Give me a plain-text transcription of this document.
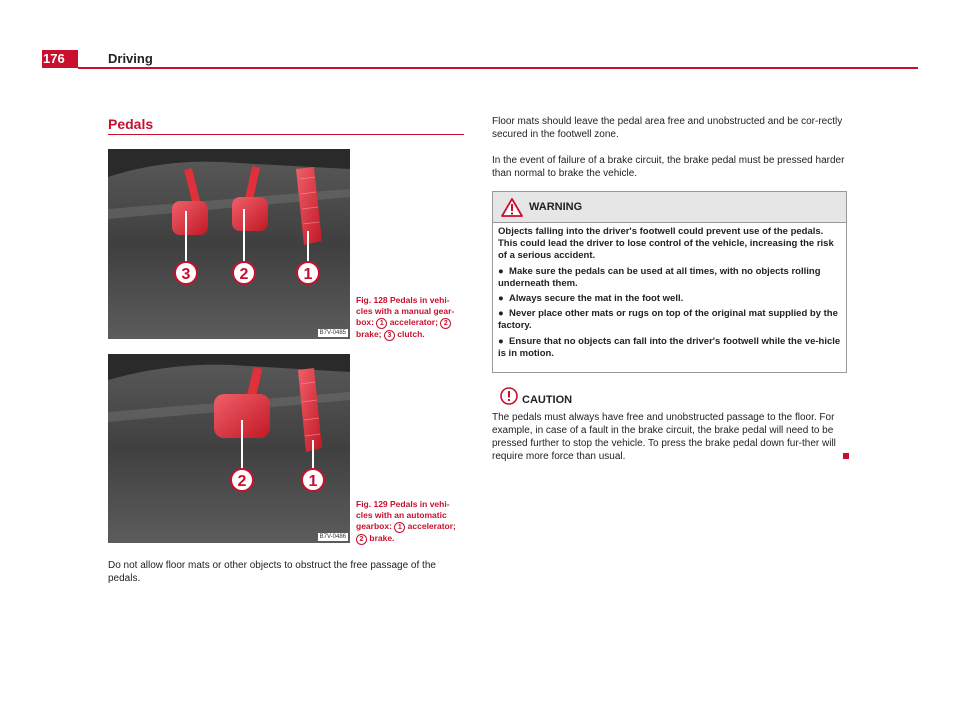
176	Driving
Pedals
3	2	1
B7V-0485
Fig. 128 Pedals in vehi-cles with a manual gear-box: 1 accelerator; 2 brake; 3 clutch.
2	1
B7V-0486
Fig. 129 Pedals in vehi-cles with an automatic gearbox: 1 accelerator; 2 brake.
Do not allow floor mats or other objects to obstruct the free passage of the pedals.
Floor mats should leave the pedal area free and unobstructed and be cor-rectly secured in the footwell zone.
In the event of failure of a brake circuit, the brake pedal must be pressed harder than normal to brake the vehicle.
WARNING

Objects falling into the driver's footwell could prevent use of the pedals. This could lead the driver to lose control of the vehicle, increasing the risk of a serious accident.

● Make sure the pedals can be used at all times, with no objects rolling underneath them.

● Always secure the mat in the foot well.

● Never place other mats or rugs on top of the original mat supplied by the factory.

● Ensure that no objects can fall into the driver's footwell while the ve-hicle is in motion.

CAUTION
The pedals must always have free and unobstructed passage to the floor. For example, in case of a fault in the brake circuit, the brake pedal will need to be pressed further to stop the vehicle. To press the brake pedal down fur-ther will require more force than usual.
